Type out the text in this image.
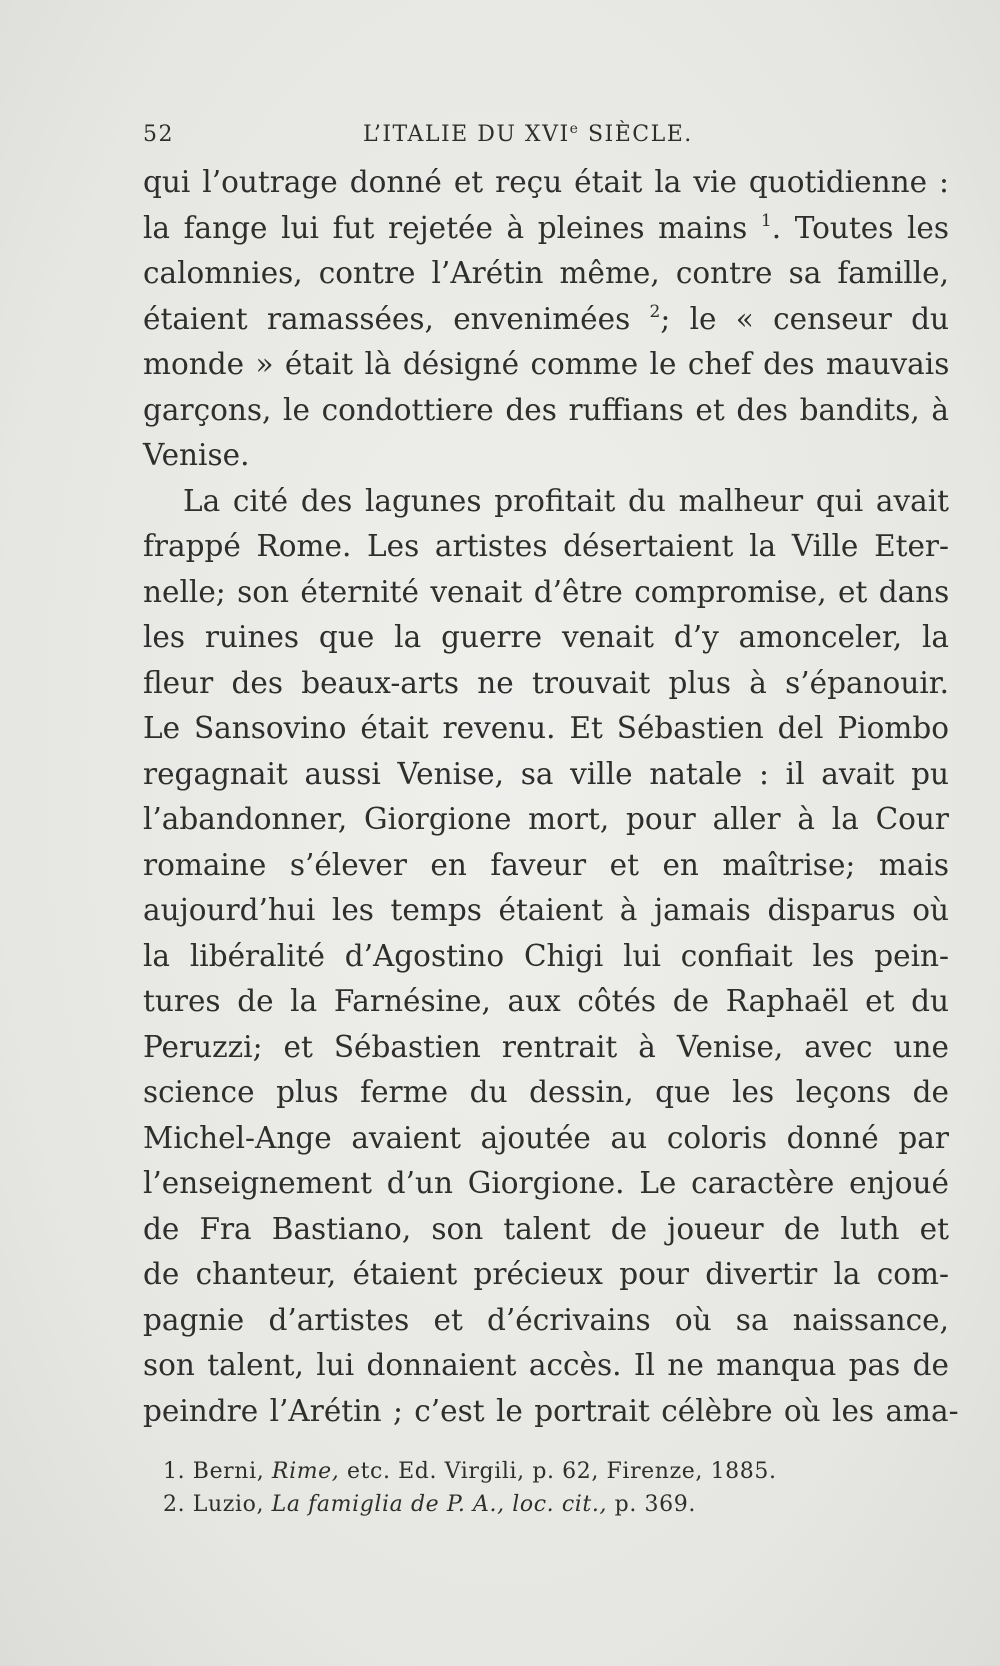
52	L’ITALIE DU XVIe SIÈCLE.
qui l’outrage donné et reçu était la vie quotidienne :
la fange lui fut rejetée à pleines mains $^1$. Toutes les
calomnies, contre l’Arétin même, contre sa famille,
étaient ramassées, envenimées $^2$; le « censeur du
monde » était là désigné comme le chef des mauvais
garçons, le condottiere des ruffians et des bandits, à
Venise.
La cité des lagunes profitait du malheur qui avait
frappé Rome. Les artistes désertaient la Ville Eter-
nelle; son éternité venait d’être compromise, et dans
les ruines que la guerre venait d’y amonceler, la
fleur des beaux-arts ne trouvait plus à s’épanouir.
Le Sansovino était revenu. Et Sébastien del Piombo
regagnait aussi Venise, sa ville natale : il avait pu
l’abandonner, Giorgione mort, pour aller à la Cour
romaine s’élever en faveur et en maîtrise; mais
aujourd’hui les temps étaient à jamais disparus où
la libéralité d’Agostino Chigi lui confiait les pein-
tures de la Farnésine, aux côtés de Raphaël et du
Peruzzi; et Sébastien rentrait à Venise, avec une
science plus ferme du dessin, que les leçons de
Michel-Ange avaient ajoutée au coloris donné par
l’enseignement d’un Giorgione. Le caractère enjoué
de Fra Bastiano, son talent de joueur de luth et
de chanteur, étaient précieux pour divertir la com-
pagnie d’artistes et d’écrivains où sa naissance,
son talent, lui donnaient accès. Il ne manqua pas de
peindre l’Arétin ; c’est le portrait célèbre où les ama-
1. Berni, Rime, etc. Ed. Virgili, p. 62, Firenze, 1885.
2. Luzio, La famiglia de P. A., loc. cit., p. 369.
